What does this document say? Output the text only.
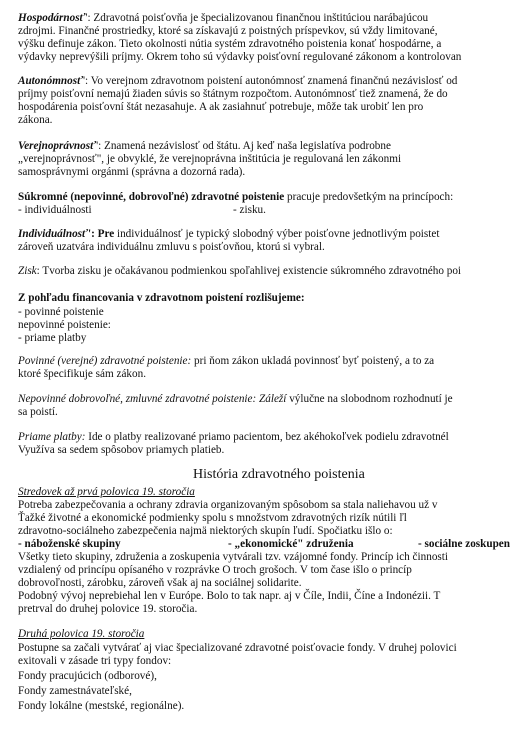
Hospodárnosť': Zdravotná poisťovňa je špecializovanou finančnou inštitúciou narábajúcou
zdrojmi. Finančné prostriedky, ktoré sa získavajú z poistných príspevkov, sú vždy limitované,
výšku definuje zákon. Tieto okolnosti nútia systém zdravotného poistenia konať hospodárne, a
výdavky neprevýšili príjmy. Okrem toho sú výdavky poisťovní regulované zákonom a kontrolovan
Autonómnosť': Vo verejnom zdravotnom poistení autonómnosť znamená finančnú nezávislosť od
príjmy poisťovní nemajú žiaden súvis so štátnym rozpočtom. Autonómnosť tiež znamená, že do
hospodárenia poisťovní štát nezasahuje. A ak zasiahnuť potrebuje, môže tak urobiť len pro
zákona.
Verejnoprávnosť': Znamená nezávislosť od štátu. Aj keď naša legislatíva podrobne
„verejnoprávnosť", je obvyklé, že verejnoprávna inštitúcia je regulovaná len zákonmi
samosprávnymi orgánmi (správna a dozorná rada).
Súkromné (nepovinné, dobrovoľné) zdravotné poistenie pracuje predovšetkým na princípoch:
- individuálnosti	- zisku.
Individuálnosť': Pre individuálnosť je typický slobodný výber poisťovne jednotlivým poistet
zároveň uzatvára individuálnu zmluvu s poisťovňou, ktorú si vybral.
Zisk: Tvorba zisku je očakávanou podmienkou spoľahlivej existencie súkromného zdravotného poi
Z pohľadu financovania v zdravotnom poistení rozlišujeme:
- povinné poistenie
nepovinné poistenie:
- priame platby
Povinné (verejné) zdravotné poistenie: pri ňom zákon ukladá povinnosť byť poistený, a to za
ktoré špecifikuje sám zákon.
Nepovinné dobrovoľné, zmluvné zdravotné poistenie: Záleží výlučne na slobodnom rozhodnutí je
sa poistí.
Priame platby: Ide o platby realizované priamo pacientom, bez akéhokoľvek podielu zdravotnél
Využíva sa sedem spôsobov priamych platieb.
História zdravotného poistenia
Stredovek až prvá polovica 19. storočia
Potreba zabezpečovania a ochrany zdravia organizovaným spôsobom sa stala naliehavou už v
Ťažké životné a ekonomické podmienky spolu s množstvom zdravotných rizík nútili ľl
zdravotno-sociálneho zabezpečenia najmä niektorých skupín ľudí. Spočiatku išlo o:
- náboženské skupiny	- „ekonomické" združenia	- sociálne zoskupen
Všetky tieto skupiny, združenia a zoskupenia vytvárali tzv. vzájomné fondy. Princíp ich činnosti
vzdialený od princípu opísaného v rozprávke O troch grošoch. V tom čase išlo o princíp
dobrovoľnosti, zárobku, zároveň však aj na sociálnej solidarite.
Podobný vývoj neprebiehal len v Európe. Bolo to tak napr. aj v Číle, Indii, Číne a Indonézii. T
pretrval do druhej polovice 19. storočia.
Druhá polovica 19. storočia
Postupne sa začali vytvárať aj viac špecializované zdravotné poisťovacie fondy. V druhej polovici
exitovali v zásade tri typy fondov:
Fondy pracujúcich (odborové),
Fondy zamestnávateľské,
Fondy lokálne (mestské, regionálne).
